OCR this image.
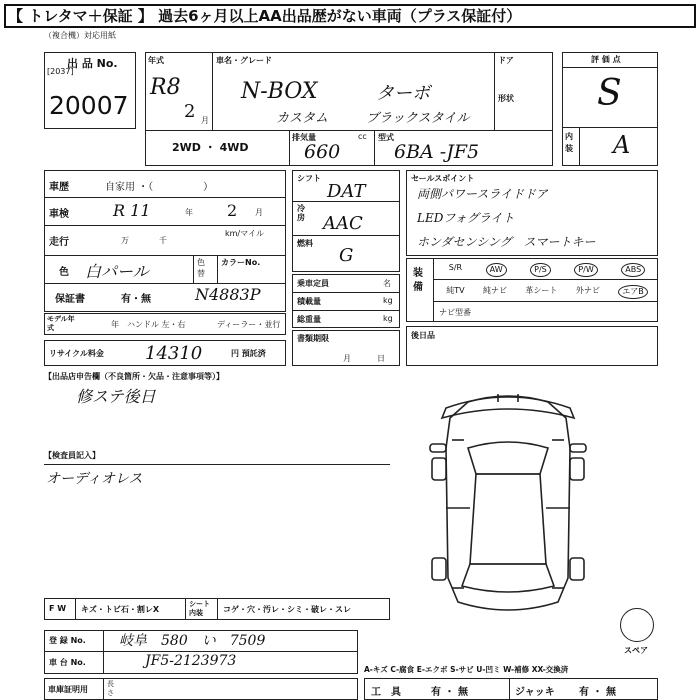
【 トレタマ＋保証 】 過去6ヶ月以上AA出品歴がない車両（プラス保証付）
（複合機）対応用紙
出 品 No.
[2037]
20007
年式
R8
2 月
車名・グレード
N-BOX	ターボ
カスタム	ブラックスタイル
ドア
形状
2WD ・ 4WD
排気量	cc
660
型式
6BA -JF5
評 価 点
S
内装 A
車歴	自家用 ・（　　　　　）
車検	R 11	年 2 月
走行	万	千
km/マイル
色 白パール	色替
カラーNo.
保証書	有・無	N4883P
モデル年式	年 ハンドル 左・右	ディーラー・並行
リサイクル料金 14310	円 預託済
シフト
DAT
冷房 AAC
燃料
G
乗車定員	名
積載量	kg
総重量	kg
書類期限
月日
セールスポイント
両側パワースライドドア
LEDフォグライト
ホンダセンシング　スマートキー
装備
S/R	AW	P/S	P/W	ABS
純TV 純ナビ 革シート 外ナビ	エアB
ナビ型番
後日品
【出品店申告欄（不良箇所・欠品・注意事項等）】
修ステ後日
【検査員記入】
オーディオレス
スペア
F W キズ・トビ石・割レX
シート内装	コゲ・穴・汚レ・シミ・破レ・スレ
登 録 No. 岐阜　580　い　7509
車 台 No.	JF5-2123973
A-キズ C-腐食 E-エクボ S-サビ U-凹ミ W-補修 XX-交換済
車庫証明用
長さ	工　具	有 ・ 無	ジャッキ 有 ・ 無
